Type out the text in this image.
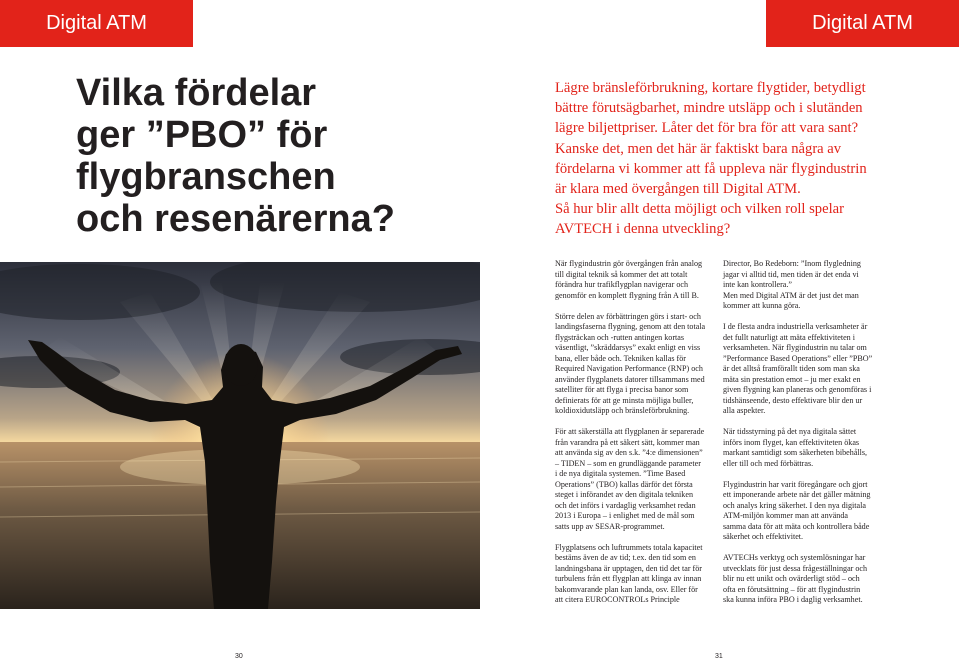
Digital ATM	Digital ATM
Vilka fördelar
ger ”PBO” för
flygbranschen
och resenärerna?
Lägre bränsleförbrukning, kortare flygtider, betydligt
bättre förutsägbarhet, mindre utsläpp och i slutänden
lägre biljettpriser. Låter det för bra för att vara sant?
Kanske det, men det här är faktiskt bara några av
fördelarna vi kommer att få uppleva när flygindustrin
är klara med övergången till Digital ATM.
Så hur blir allt detta möjligt och vilken roll spelar
AVTECH i denna utveckling?

När flygindustrin gör övergången från analog
till digital teknik så kommer det att totalt
förändra hur trafikflygplan navigerar och
genomför en komplett flygning från A till B.

Större delen av förbättringen görs i start- och
landingsfaserna flygning, genom att den totala
flygsträckan och -rutten antingen kortas
väsentligt, ”skräddarsys” exakt enligt en viss
bana, eller både och. Tekniken kallas för
Required Navigation Performance (RNP) och
använder flygplanets datorer tillsammans med
satelliter för att flyga i precisa banor som
definierats för att ge minsta möjliga buller,
koldioxidutsläpp och bränsleförbrukning.

För att säkerställa att flygplanen är separerade
från varandra på ett säkert sätt, kommer man
att använda sig av den s.k. ”4:e dimensionen”
– TIDEN – som en grundläggande parameter
i de nya digitala systemen. ”Time Based
Operations” (TBO) kallas därför det första
steget i införandet av den digitala tekniken
och det införs i vardaglig verksamhet redan
2013 i Europa – i enlighet med de mål som
satts upp av SESAR-programmet.

Flygplatsens och luftrummets totala kapacitet
bestäms även de av tid; t.ex. den tid som en
landningsbana är upptagen, den tid det tar för
turbulens från ett flygplan att klinga av innan
bakomvarande plan kan landa, osv. Eller för
att citera EUROCONTROLs Principle

Director, Bo Redeborn: ”Inom flygledning
jagar vi alltid tid, men tiden är det enda vi
inte kan kontrollera.”
Men med Digital ATM är det just det man
kommer att kunna göra.

I de flesta andra industriella verksamheter är
det fullt naturligt att mäta effektiviteten i
verksamheten. När flygindustrin nu talar om
”Performance Based Operations” eller ”PBO”
är det alltså framförallt tiden som man ska
mäta sin prestation emot – ju mer exakt en
given flygning kan planeras och genomföras i
tidshänseende, desto effektivare blir den ur
alla aspekter.

När tidsstyrning på det nya digitala sättet
införs inom flyget, kan effektiviteten ökas
markant samtidigt som säkerheten bibehålls,
eller till och med förbättras.

Flygindustrin har varit föregångare och gjort
ett imponerande arbete när det gäller mätning
och analys kring säkerhet. I den nya digitala
ATM-miljön kommer man att använda
samma data för att mäta och kontrollera både
säkerhet och effektivitet.

AVTECHs verktyg och systemlösningar har
utvecklats för just dessa frågeställningar och
blir nu ett unikt och ovärderligt stöd – och
ofta en förutsättning – för att flygindustrin
ska kunna införa PBO i daglig verksamhet.

30	31
